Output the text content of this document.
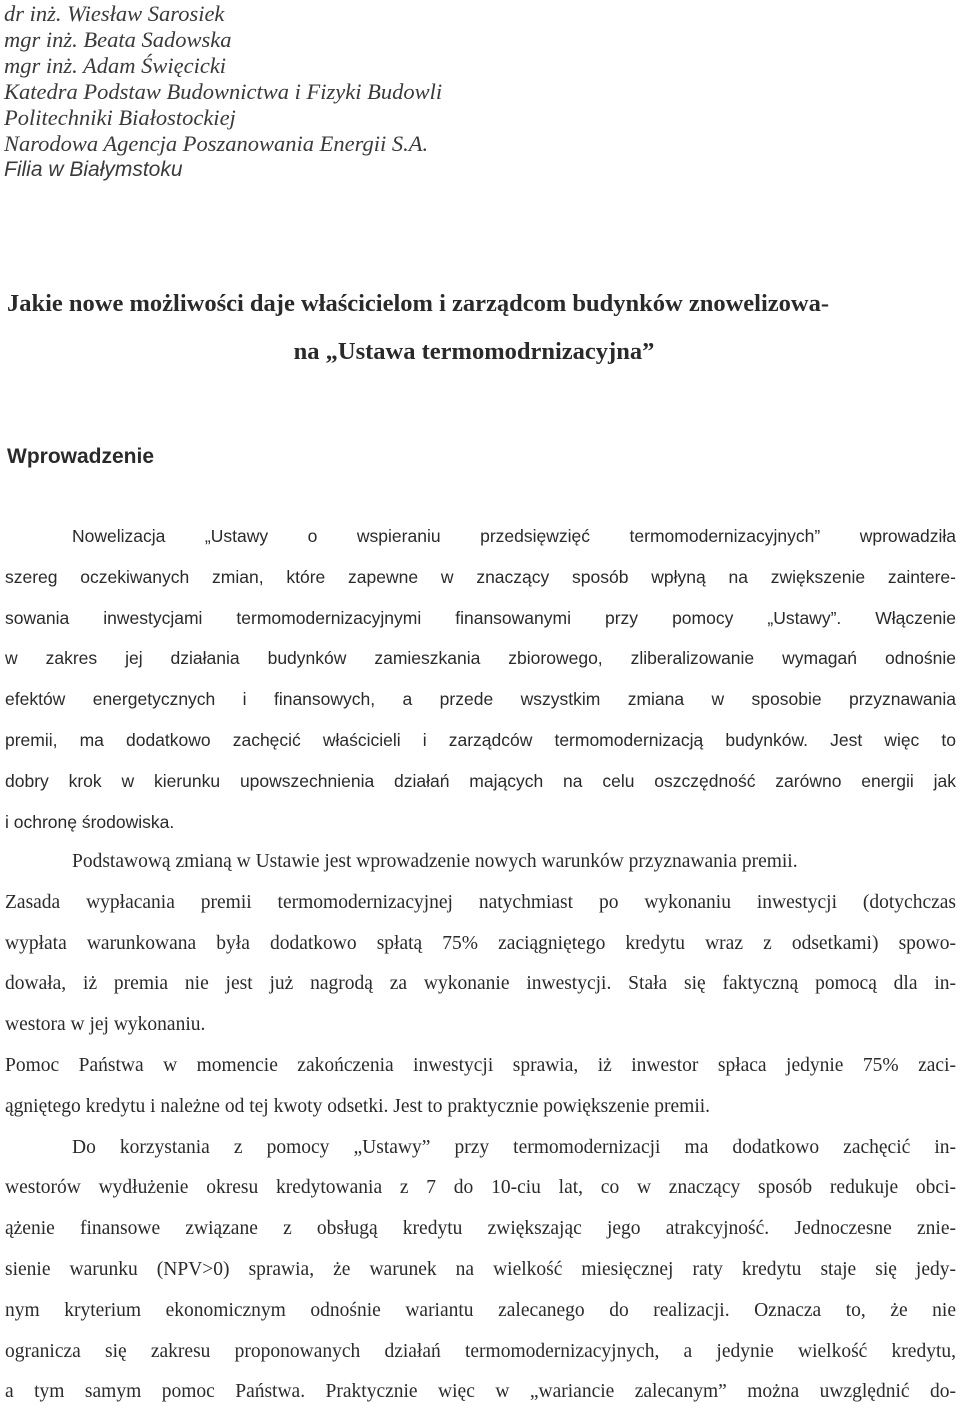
dr inż. Wiesław Sarosiek
mgr inż. Beata Sadowska
mgr inż. Adam Święcicki
Katedra Podstaw Budownictwa i Fizyki Budowli
Politechniki Białostockiej
Narodowa Agencja Poszanowania Energii S.A.
Filia w Białymstoku
Jakie nowe możliwości daje właścicielom i zarządcom budynków znowelizowa-
na „Ustawa termomodrnizacyjna”
Wprowadzenie
Nowelizacja „Ustawy o wspieraniu przedsięwzięć termomodernizacyjnych” wprowadziła
szereg oczekiwanych zmian, które zapewne w znaczący sposób wpłyną na zwiększenie zaintere-
sowania inwestycjami termomodernizacyjnymi finansowanymi przy pomocy „Ustawy”. Włączenie
w zakres jej działania budynków zamieszkania zbiorowego, zliberalizowanie wymagań odnośnie
efektów energetycznych i finansowych, a przede wszystkim zmiana w sposobie przyznawania
premii, ma dodatkowo zachęcić właścicieli i zarządców termomodernizacją budynków. Jest więc to
dobry krok w kierunku upowszechnienia działań mających na celu oszczędność zarówno energii jak
i ochronę środowiska.
Podstawową zmianą w Ustawie jest wprowadzenie nowych warunków przyznawania premii.
Zasada wypłacania premii termomodernizacyjnej natychmiast po wykonaniu inwestycji (dotychczas
wypłata warunkowana była dodatkowo spłatą 75% zaciągniętego kredytu wraz z odsetkami) spowo-
dowała, iż premia nie jest już nagrodą za wykonanie inwestycji. Stała się faktyczną pomocą dla in-
westora w jej wykonaniu.
Pomoc Państwa w momencie zakończenia inwestycji sprawia, iż inwestor spłaca jedynie 75% zaci-
ągniętego kredytu i należne od tej kwoty odsetki. Jest to praktycznie powiększenie premii.
Do korzystania z pomocy „Ustawy” przy termomodernizacji ma dodatkowo zachęcić in-
westorów wydłużenie okresu kredytowania z 7 do 10-ciu lat, co w znaczący sposób redukuje obci-
ążenie finansowe związane z obsługą kredytu zwiększając jego atrakcyjność. Jednoczesne znie-
sienie warunku (NPV>0) sprawia, że warunek na wielkość miesięcznej raty kredytu staje się jedy-
nym kryterium ekonomicznym odnośnie wariantu zalecanego do realizacji. Oznacza to, że nie
ogranicza się zakresu proponowanych działań termomodernizacyjnych, a jedynie wielkość kredytu,
a tym samym pomoc Państwa. Praktycznie więc w „wariancie zalecanym” można uwzględnić do-
